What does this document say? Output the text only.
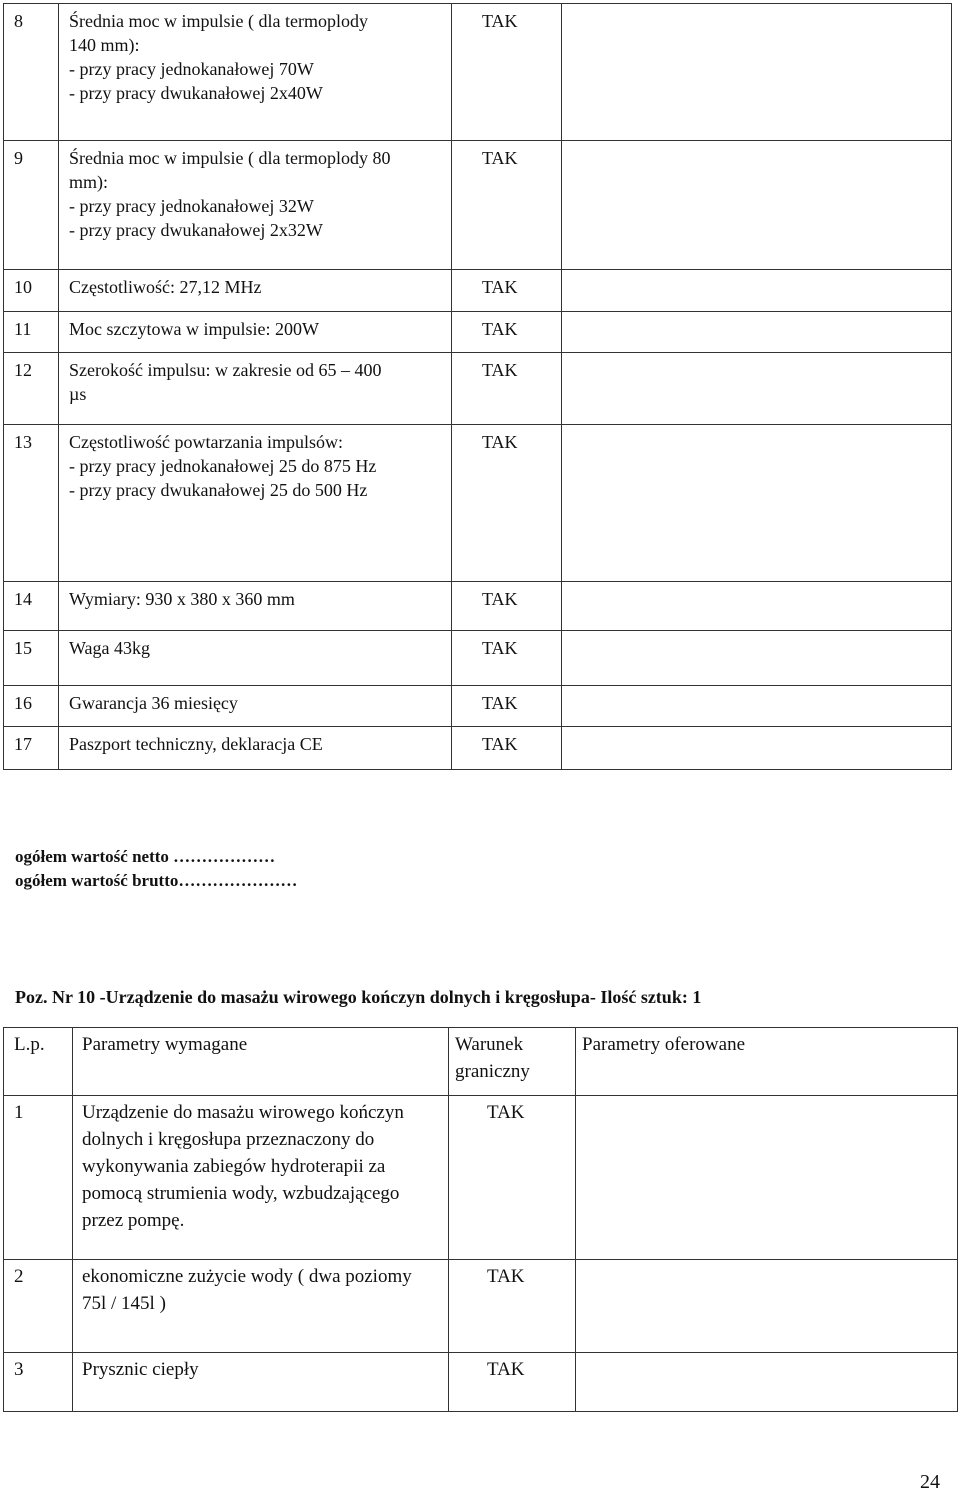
8	Średnia moc w impulsie ( dla termoplody
140 mm):
- przy pracy jednokanałowej 70W
- przy pracy dwukanałowej 2x40W	TAK	
9	Średnia moc w impulsie ( dla termoplody 80
mm):
- przy pracy jednokanałowej 32W
- przy pracy dwukanałowej 2x32W	TAK	
10	Częstotliwość: 27,12 MHz	TAK	
11	Moc szczytowa w impulsie: 200W	TAK	
12	Szerokość impulsu: w zakresie od 65 – 400
µs	TAK	
13	Częstotliwość powtarzania impulsów:
- przy pracy jednokanałowej 25 do 875 Hz
- przy pracy dwukanałowej 25 do 500 Hz	TAK	
14	Wymiary: 930 x 380 x 360 mm	TAK	
15	Waga 43kg	TAK	
16	Gwarancja 36 miesięcy	TAK	
17	Paszport techniczny, deklaracja CE	TAK	
ogółem wartość netto ………………
ogółem wartość brutto…………………
Poz. Nr 10 -Urządzenie do masażu wirowego kończyn dolnych i kręgosłupa- Ilość sztuk: 1
L.p.	Parametry wymagane	Warunek
graniczny	Parametry oferowane
1	Urządzenie do masażu wirowego kończyn
dolnych i kręgosłupa przeznaczony do
wykonywania zabiegów hydroterapii za
pomocą strumienia wody, wzbudzającego
przez pompę.	TAK	
2	ekonomiczne zużycie wody ( dwa poziomy
75l / 145l )	TAK	
3	Prysznic ciepły	TAK	
24
